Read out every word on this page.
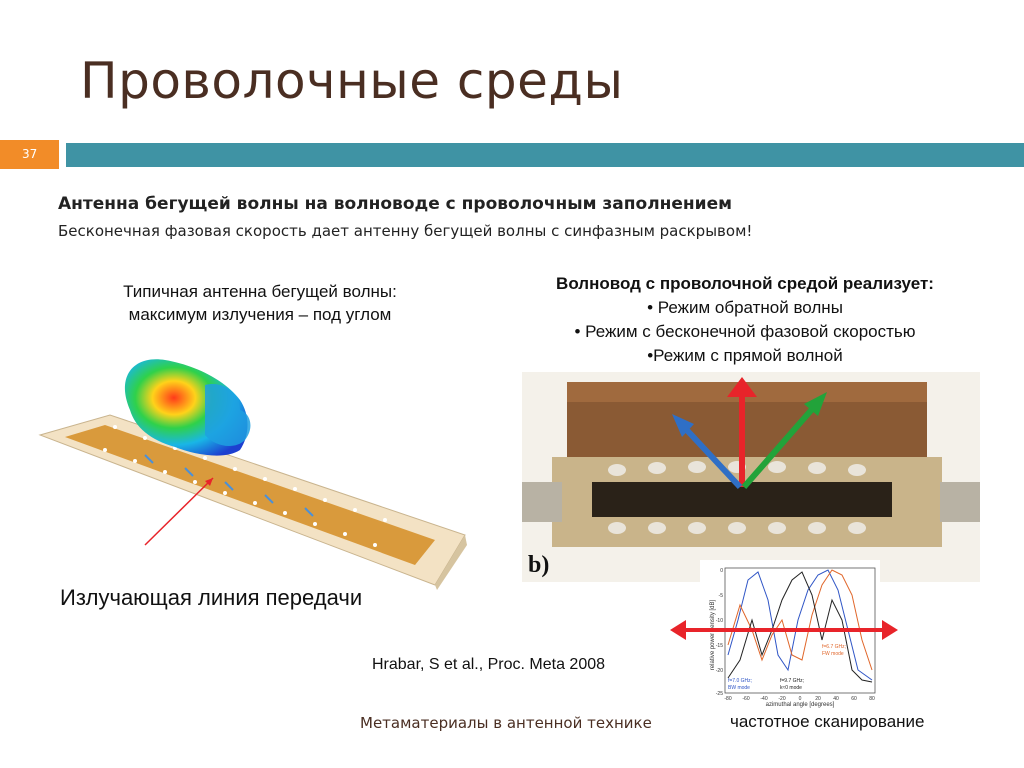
Проволочные среды
37
Антенна бегущей волны на волноводе с проволочным заполнением
Бесконечная фазовая скорость дает антенну бегущей волны с синфазным раскрывом!
Типичная антенна бегущей волны:
максимум излучения – под углом
Волновод с проволочной средой реализует:
• Режим обратной волны
• Режим с бесконечной фазовой скоростью
•Режим с прямой волной
b)
relative power density [dB]
azimuthal angle [degrees]
0
-5
-10
-15
-20
-25
-80 -60 -40 -20	0	20 40 60 80
f=6.7 GHz;
FW mode
f=7.0 GHz;
BW mode
f=9.7 GHz;
k≈0 mode
Излучающая линия передачи
Hrabar, S et al., Proc. Meta 2008
Метаматериалы в антенной технике	частотное сканирование
